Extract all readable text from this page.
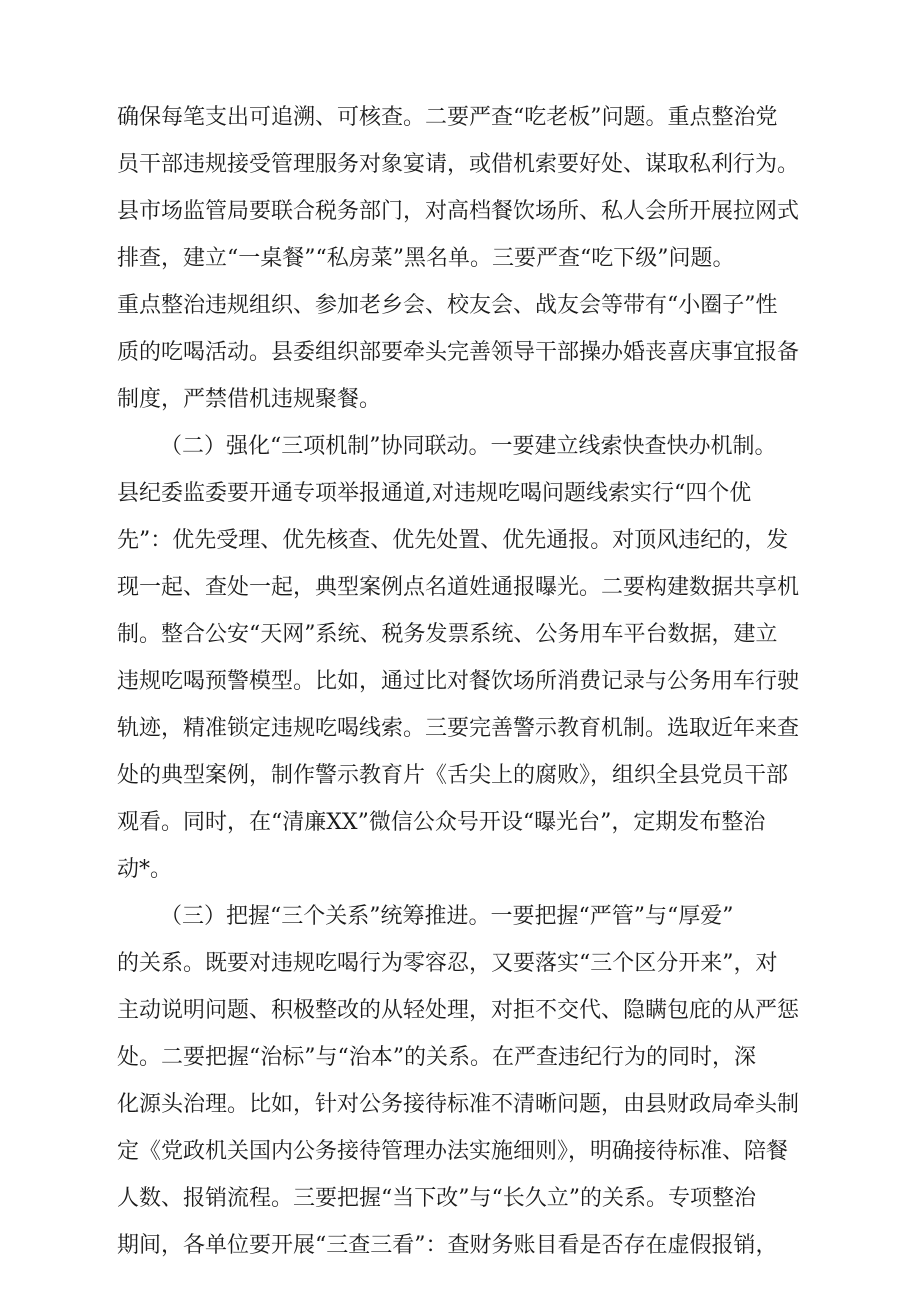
确保每笔支出可追溯、可核查。二要严查“吃老板”问题。重点整治党
员干部违规接受管理服务对象宴请，或借机索要好处、谋取私利行为。
县市场监管局要联合税务部门，对高档餐饮场所、私人会所开展拉网式
排查，建立“一桌餐”“私房菜”黑名单。三要严查“吃下级”问题。
重点整治违规组织、参加老乡会、校友会、战友会等带有“小圈子”性
质的吃喝活动。县委组织部要牵头完善领导干部操办婚丧喜庆事宜报备
制度，严禁借机违规聚餐。
（二）强化“三项机制”协同联动。一要建立线索快查快办机制。
县纪委监委要开通专项举报通道,对违规吃喝问题线索实行“四个优
先”：优先受理、优先核查、优先处置、优先通报。对顶风违纪的，发
现一起、查处一起，典型案例点名道姓通报曝光。二要构建数据共享机
制。整合公安“天网”系统、税务发票系统、公务用车平台数据，建立
违规吃喝预警模型。比如，通过比对餐饮场所消费记录与公务用车行驶
轨迹，精准锁定违规吃喝线索。三要完善警示教育机制。选取近年来查
处的典型案例，制作警示教育片《舌尖上的腐败》，组织全县党员干部
观看。同时，在“清廉XX”微信公众号开设“曝光台”，定期发布整治
动*。
（三）把握“三个关系”统筹推进。一要把握“严管”与“厚爱”
的关系。既要对违规吃喝行为零容忍，又要落实“三个区分开来”，对
主动说明问题、积极整改的从轻处理，对拒不交代、隐瞒包庇的从严惩
处。二要把握“治标”与“治本”的关系。在严查违纪行为的同时，深
化源头治理。比如，针对公务接待标准不清晰问题，由县财政局牵头制
定《党政机关国内公务接待管理办法实施细则》，明确接待标准、陪餐
人数、报销流程。三要把握“当下改”与“长久立”的关系。专项整治
期间，各单位要开展“三查三看”：查财务账目看是否存在虚假报销，
